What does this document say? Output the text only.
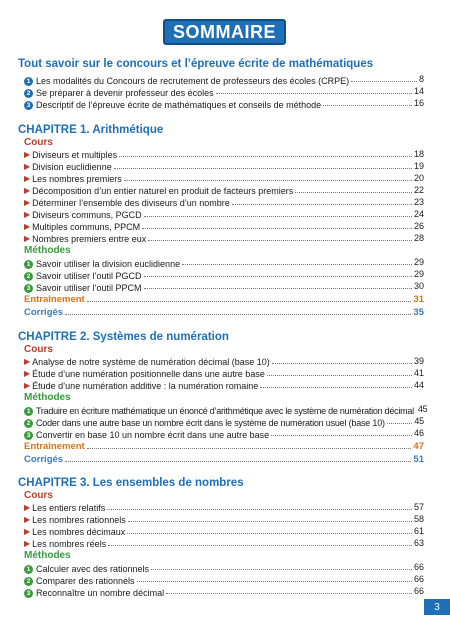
SOMMAIRE
Tout savoir sur le concours et l’épreuve écrite de mathématiques
1 Les modalités du Concours de recrutement de professeurs des écoles (CRPE)	8
2 Se préparer à devenir professeur des écoles	14
3 Descriptif de l’épreuve écrite de mathématiques et conseils de méthode	16
CHAPITRE 1. Arithmétique
Cours
▶ Diviseurs et multiples	18
▶ Division euclidienne	19
▶ Les nombres premiers	20
▶ Décomposition d’un entier naturel en produit de facteurs premiers	22
▶ Déterminer l’ensemble des diviseurs d’un nombre	23
▶ Diviseurs communs, PGCD	24
▶ Multiples communs, PPCM	26
▶ Nombres premiers entre eux	28
Méthodes
1 Savoir utiliser la division euclidienne	29
2 Savoir utiliser l’outil PGCD	29
3 Savoir utiliser l’outil PPCM	30
Entraînement	31
Corrigés	35
CHAPITRE 2. Systèmes de numération
Cours
▶ Analyse de notre système de numération décimal (base 10)	39
▶ Étude d’une numération positionnelle dans une autre base	41
▶ Étude d’une numération additive : la numération romaine	44
Méthodes
1 Traduire en écriture mathématique un énoncé d’arithmétique avec le système de numération décimal 45
2 Coder dans une autre base un nombre écrit dans le système de numération usuel (base 10)	45
3 Convertir en base 10 un nombre écrit dans une autre base	46
Entraînement	47
Corrigés	51
CHAPITRE 3. Les ensembles de nombres
Cours
▶ Les entiers relatifs	57
▶ Les nombres rationnels	58
▶ Les nombres décimaux	61
▶ Les nombres réels	63
Méthodes
1 Calculer avec des rationnels	66
2 Comparer des rationnels	66
3 Reconnaître un nombre décimal	66
3
